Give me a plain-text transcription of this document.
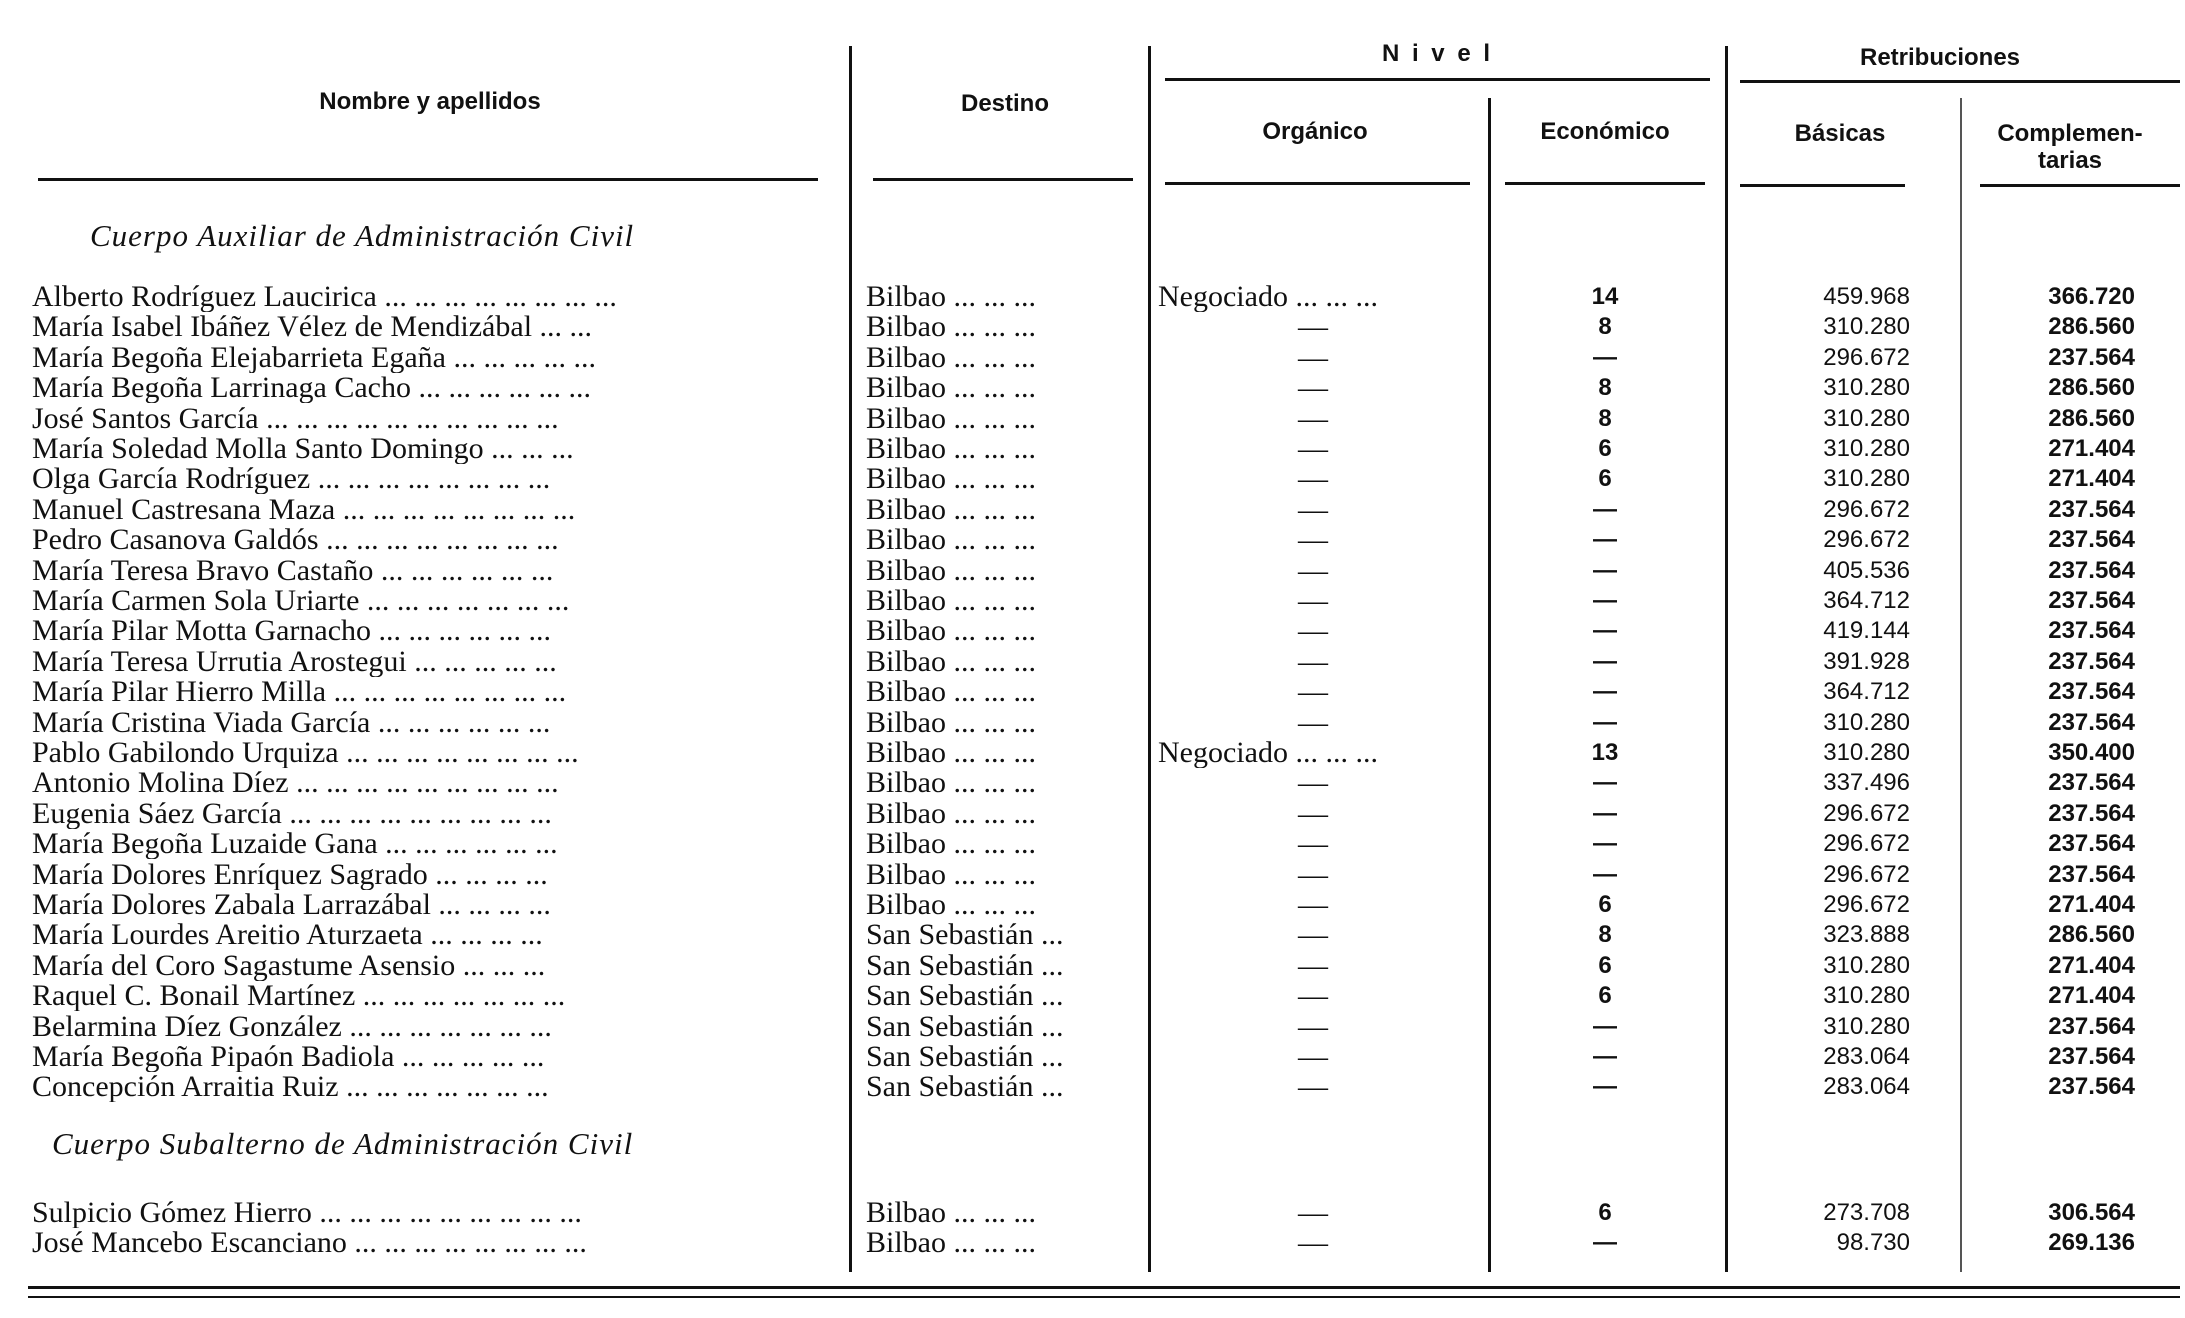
Nombre y apellidos	Destino
N i v e l
Orgánico	Económico
Retribuciones
Básicas	Complemen-
tarias
Cuerpo Auxiliar de Administración Civil
Cuerpo Subalterno de Administración Civil
Alberto Rodríguez Laucirica ... ... ... ... ... ... ... ...	Bilbao ... ... ...	Negociado ... ... ...	14	459.968	366.720
María Isabel Ibáñez Vélez de Mendizábal ... ...	Bilbao ... ... ...	—	8	310.280	286.560
María Begoña Elejabarrieta Egaña ... ... ... ... ...	Bilbao ... ... ...	—	—	296.672	237.564
María Begoña Larrinaga Cacho ... ... ... ... ... ...	Bilbao ... ... ...	—	8	310.280	286.560
José Santos García ... ... ... ... ... ... ... ... ... ...	Bilbao ... ... ...	—	8	310.280	286.560
María Soledad Molla Santo Domingo ... ... ...	Bilbao ... ... ...	—	6	310.280	271.404
Olga García Rodríguez ... ... ... ... ... ... ... ...	Bilbao ... ... ...	—	6	310.280	271.404
Manuel Castresana Maza ... ... ... ... ... ... ... ...	Bilbao ... ... ...	—	—	296.672	237.564
Pedro Casanova Galdós ... ... ... ... ... ... ... ...	Bilbao ... ... ...	—	—	296.672	237.564
María Teresa Bravo Castaño ... ... ... ... ... ...	Bilbao ... ... ...	—	—	405.536	237.564
María Carmen Sola Uriarte ... ... ... ... ... ... ...	Bilbao ... ... ...	—	—	364.712	237.564
María Pilar Motta Garnacho ... ... ... ... ... ...	Bilbao ... ... ...	—	—	419.144	237.564
María Teresa Urrutia Arostegui ... ... ... ... ...	Bilbao ... ... ...	—	—	391.928	237.564
María Pilar Hierro Milla ... ... ... ... ... ... ... ...	Bilbao ... ... ...	—	—	364.712	237.564
María Cristina Viada García ... ... ... ... ... ...	Bilbao ... ... ...	—	—	310.280	237.564
Pablo Gabilondo Urquiza ... ... ... ... ... ... ... ...	Bilbao ... ... ...	Negociado ... ... ...	13	310.280	350.400
Antonio Molina Díez ... ... ... ... ... ... ... ... ...	Bilbao ... ... ...	—	—	337.496	237.564
Eugenia Sáez García ... ... ... ... ... ... ... ... ...	Bilbao ... ... ...	—	—	296.672	237.564
María Begoña Luzaide Gana ... ... ... ... ... ...	Bilbao ... ... ...	—	—	296.672	237.564
María Dolores Enríquez Sagrado ... ... ... ...	Bilbao ... ... ...	—	—	296.672	237.564
María Dolores Zabala Larrazábal ... ... ... ...	Bilbao ... ... ...	—	6	296.672	271.404
María Lourdes Areitio Aturzaeta ... ... ... ...	San Sebastián ...	—	8	323.888	286.560
María del Coro Sagastume Asensio ... ... ...	San Sebastián ...	—	6	310.280	271.404
Raquel C. Bonail Martínez ... ... ... ... ... ... ...	San Sebastián ...	—	6	310.280	271.404
Belarmina Díez González ... ... ... ... ... ... ...	San Sebastián ...	—	—	310.280	237.564
María Begoña Pipaón Badiola ... ... ... ... ...	San Sebastián ...	—	—	283.064	237.564
Concepción Arraitia Ruiz ... ... ... ... ... ... ...	San Sebastián ...	—	—	283.064	237.564
Sulpicio Gómez Hierro ... ... ... ... ... ... ... ... ...	Bilbao ... ... ...	—	6	273.708	306.564
José Mancebo Escanciano ... ... ... ... ... ... ... ...	Bilbao ... ... ...	—	—	98.730	269.136
